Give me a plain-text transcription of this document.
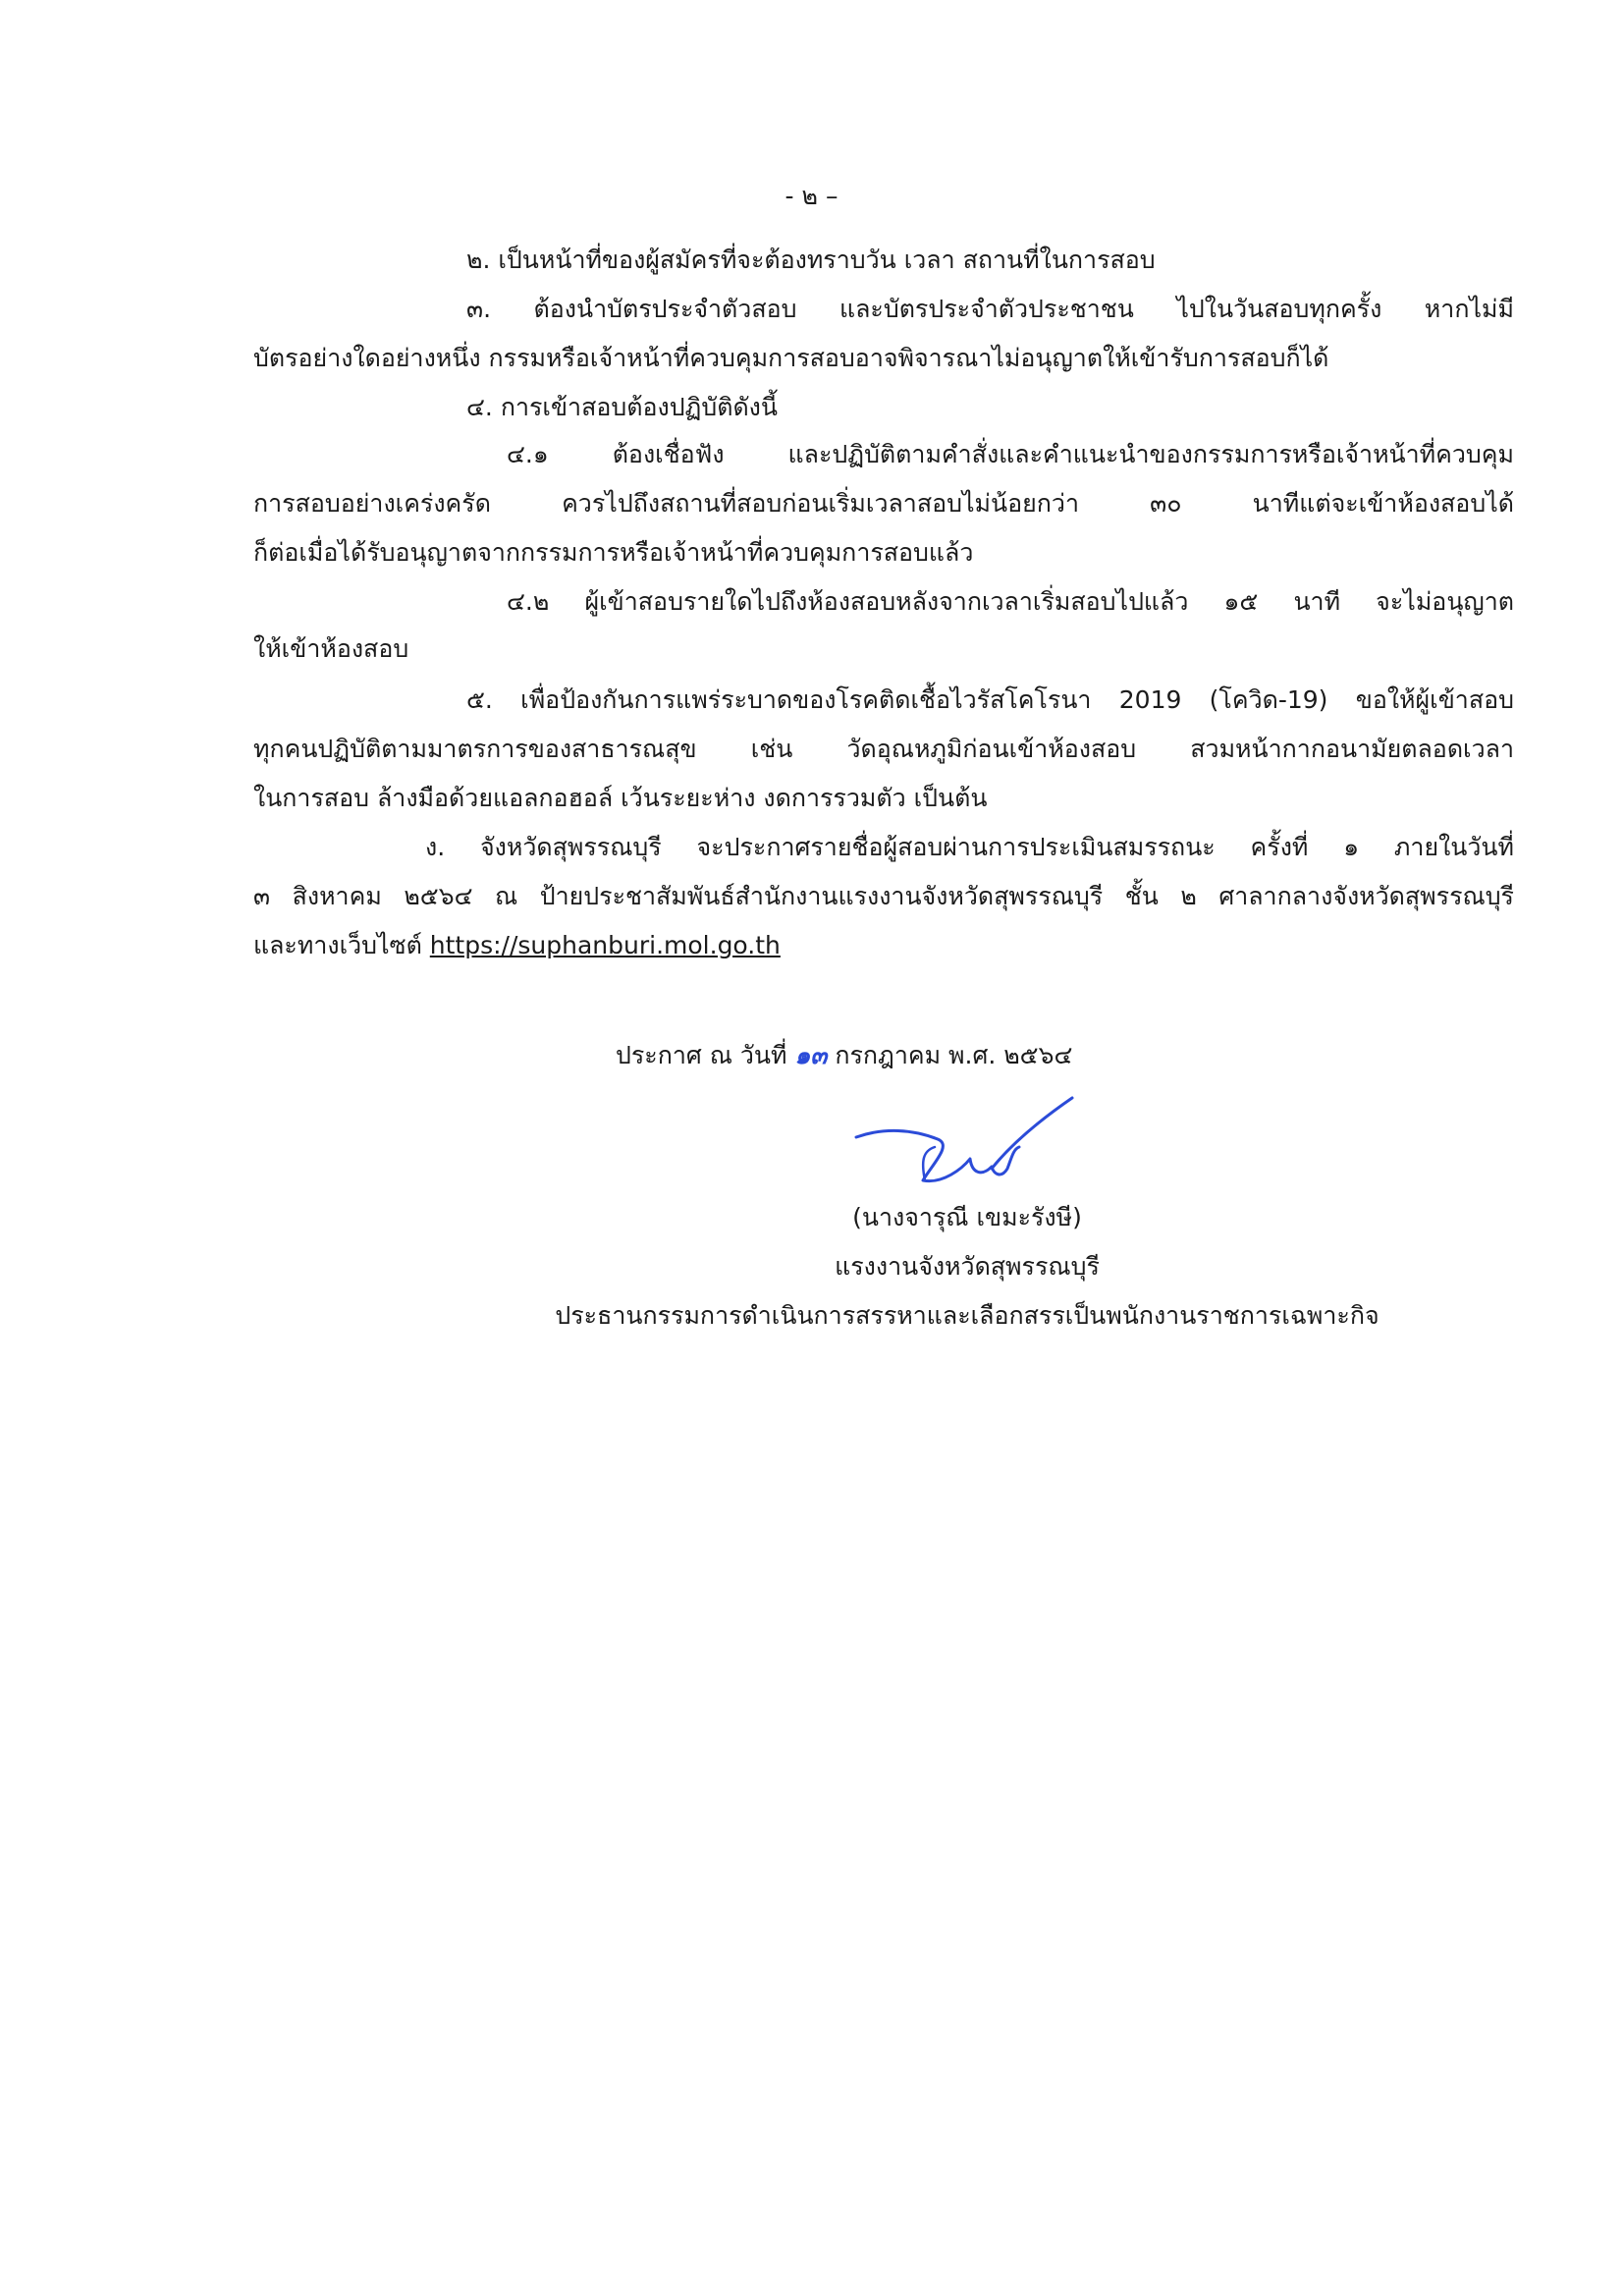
- ๒ –
๒. เป็นหน้าที่ของผู้สมัครที่จะต้องทราบวัน เวลา สถานที่ในการสอบ
๓. ต้องนำบัตรประจำตัวสอบ และบัตรประจำตัวประชาชน ไปในวันสอบทุกครั้ง หากไม่มี
บัตรอย่างใดอย่างหนึ่ง กรรมหรือเจ้าหน้าที่ควบคุมการสอบอาจพิจารณาไม่อนุญาตให้เข้ารับการสอบก็ได้
๔. การเข้าสอบต้องปฏิบัติดังนี้
๔.๑ ต้องเชื่อฟัง และปฏิบัติตามคำสั่งและคำแนะนำของกรรมการหรือเจ้าหน้าที่ควบคุม
การสอบอย่างเคร่งครัด ควรไปถึงสถานที่สอบก่อนเริ่มเวลาสอบไม่น้อยกว่า ๓๐ นาทีแต่จะเข้าห้องสอบได้
ก็ต่อเมื่อได้รับอนุญาตจากกรรมการหรือเจ้าหน้าที่ควบคุมการสอบแล้ว
๔.๒ ผู้เข้าสอบรายใดไปถึงห้องสอบหลังจากเวลาเริ่มสอบไปแล้ว ๑๕ นาที จะไม่อนุญาต
ให้เข้าห้องสอบ
๕. เพื่อป้องกันการแพร่ระบาดของโรคติดเชื้อไวรัสโคโรนา 2019 (โควิด-19) ขอให้ผู้เข้าสอบ
ทุกคนปฏิบัติตามมาตรการของสาธารณสุข เช่น วัดอุณหภูมิก่อนเข้าห้องสอบ สวมหน้ากากอนามัยตลอดเวลา
ในการสอบ ล้างมือด้วยแอลกอฮอล์ เว้นระยะห่าง งดการรวมตัว เป็นต้น
ง. จังหวัดสุพรรณบุรี จะประกาศรายชื่อผู้สอบผ่านการประเมินสมรรถนะ ครั้งที่ ๑ ภายในวันที่
๓ สิงหาคม ๒๕๖๔ ณ ป้ายประชาสัมพันธ์สำนักงานแรงงานจังหวัดสุพรรณบุรี ชั้น ๒ ศาลากลางจังหวัดสุพรรณบุรี
และทางเว็บไซต์ https://suphanburi.mol.go.th
ประกาศ ณ วันที่ ๑๓ กรกฎาคม พ.ศ. ๒๕๖๔
(นางจารุณี เขมะรังษี)
แรงงานจังหวัดสุพรรณบุรี
ประธานกรรมการดำเนินการสรรหาและเลือกสรรเป็นพนักงานราชการเฉพาะกิจ
